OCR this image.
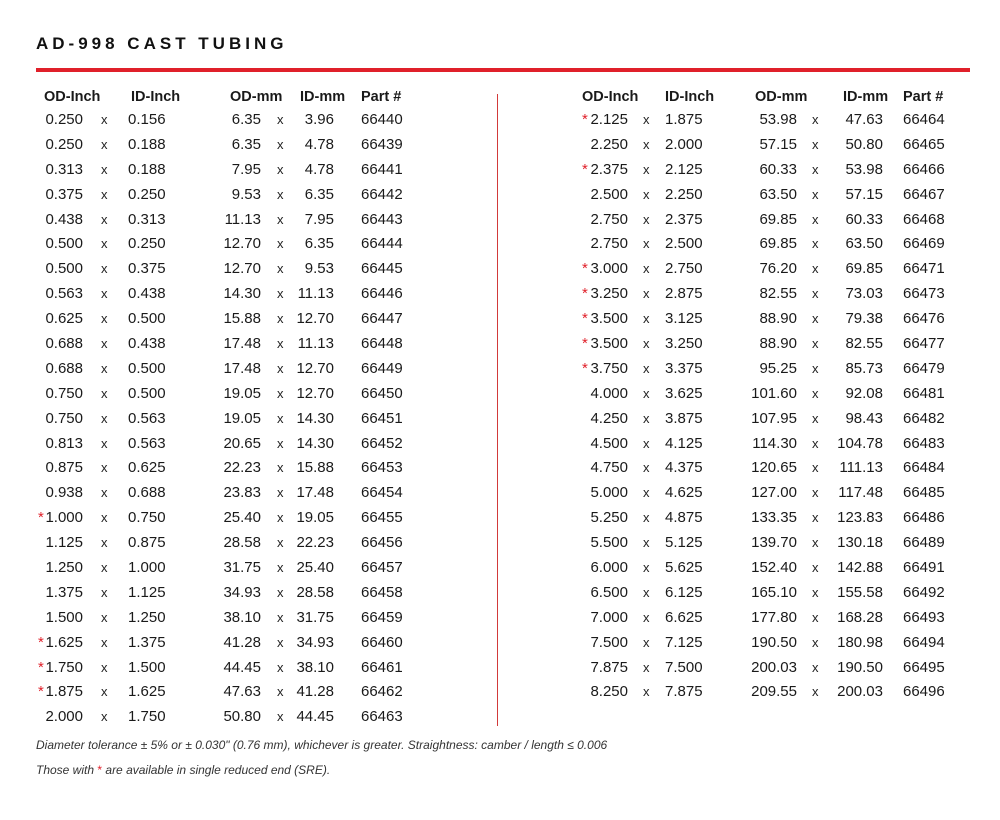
AD-998 CAST TUBING
OD-Inch ID-Inch	OD-mm ID-mm Part #
0.250 x 0.156	6.35 x 3.96 66440
0.250 x 0.188	6.35 x 4.78 66439
0.313 x 0.188	7.95 x 4.78 66441
0.375 x 0.250	9.53 x 6.35 66442
0.438 x 0.313	11.13 x 7.95 66443
0.500 x 0.250	12.70 x 6.35 66444
0.500 x 0.375	12.70 x 9.53 66445
0.563 x 0.438	14.30 x 11.13 66446
0.625 x 0.500	15.88 x 12.70 66447
0.688 x 0.438	17.48 x 11.13 66448
0.688 x 0.500	17.48 x 12.70 66449
0.750 x 0.500	19.05 x 12.70 66450
0.750 x 0.563	19.05 x 14.30 66451
0.813 x 0.563	20.65 x 14.30 66452
0.875 x 0.625	22.23 x 15.88 66453
0.938 x 0.688	23.83 x 17.48 66454
* 1.000 x 0.750	25.40 x 19.05 66455
1.125 x 0.875	28.58 x 22.23 66456
1.250 x 1.000	31.75 x 25.40 66457
1.375 x 1.125	34.93 x 28.58 66458
1.500 x 1.250	38.10 x 31.75 66459
* 1.625 x 1.375	41.28 x 34.93 66460
* 1.750 x 1.500	44.45 x 38.10 66461
* 1.875 x 1.625	47.63 x 41.28 66462
2.000 x 1.750	50.80 x 44.45 66463
OD-Inch ID-Inch	OD-mm ID-mm Part #
* 2.125 x 1.875	53.98 x 47.63 66464
2.250 x 2.000	57.15 x 50.80 66465
* 2.375 x 2.125	60.33 x 53.98 66466
2.500 x 2.250	63.50 x 57.15 66467
2.750 x 2.375	69.85 x 60.33 66468
2.750 x 2.500	69.85 x 63.50 66469
* 3.000 x 2.750	76.20 x 69.85 66471
* 3.250 x 2.875	82.55 x 73.03 66473
* 3.500 x 3.125	88.90 x 79.38 66476
* 3.500 x 3.250	88.90 x 82.55 66477
* 3.750 x 3.375	95.25 x 85.73 66479
4.000 x 3.625	101.60 x 92.08 66481
4.250 x 3.875	107.95 x 98.43 66482
4.500 x 4.125	114.30 x 104.78 66483
4.750 x 4.375	120.65 x 111.13 66484
5.000 x 4.625	127.00 x 117.48 66485
5.250 x 4.875	133.35 x 123.83 66486
5.500 x 5.125	139.70 x 130.18 66489
6.000 x 5.625	152.40 x 142.88 66491
6.500 x 6.125	165.10 x 155.58 66492
7.000 x 6.625	177.80 x 168.28 66493
7.500 x 7.125	190.50 x 180.98 66494
7.875 x 7.500	200.03 x 190.50 66495
8.250 x 7.875	209.55 x 200.03 66496
Diameter tolerance ± 5% or ± 0.030" (0.76 mm), whichever is greater. Straightness: camber / length ≤ 0.006
Those with * are available in single reduced end (SRE).
